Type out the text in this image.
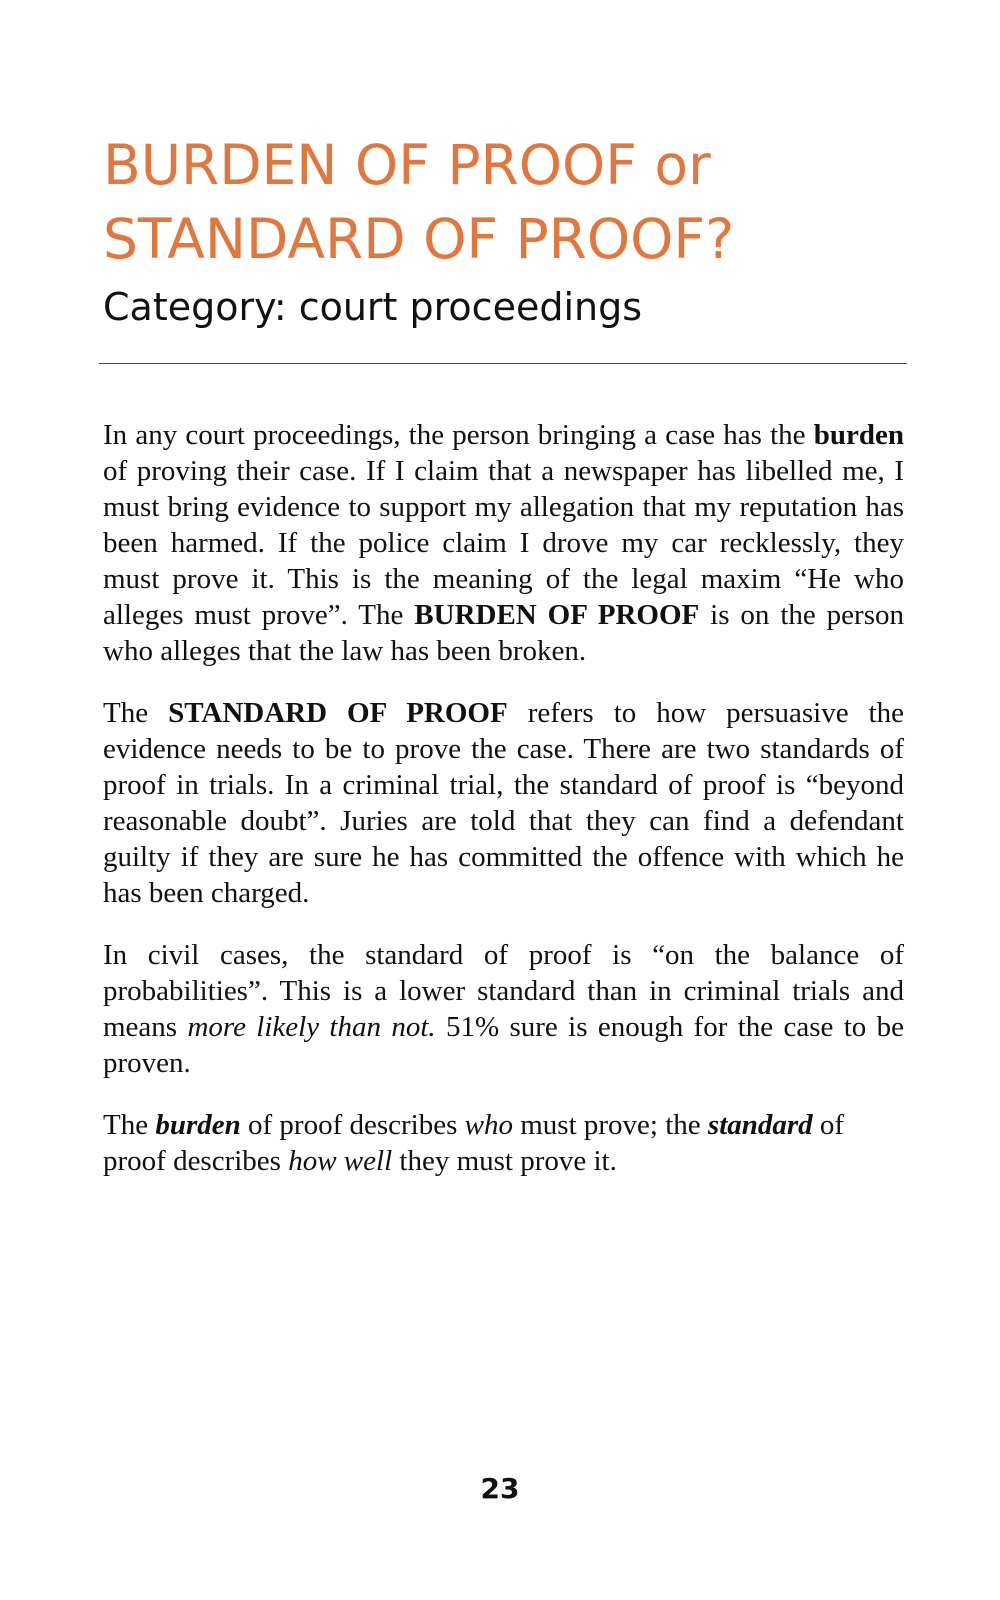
BURDEN OF PROOF or
STANDARD OF PROOF?
Category: court proceedings

In any court proceedings, the person bringing a case has the burden of proving their case. If I claim that a newspaper has libelled me, I must bring evidence to support my allegation that my reputation has been harmed. If the police claim I drove my car recklessly, they must prove it. This is the meaning of the legal maxim “He who alleges must prove”. The BURDEN OF PROOF is on the person who alleges that the law has been broken.

The STANDARD OF PROOF refers to how persuasive the evidence needs to be to prove the case. There are two standards of proof in trials. In a criminal trial, the standard of proof is “beyond reasonable doubt”. Juries are told that they can find a defendant guilty if they are sure he has committed the offence with which he has been charged.

In civil cases, the standard of proof is “on the balance of probabilities”. This is a lower standard than in criminal trials and means more likely than not. 51% sure is enough for the case to be proven.

The burden of proof describes who must prove; the standard of proof describes how well they must prove it.

23
